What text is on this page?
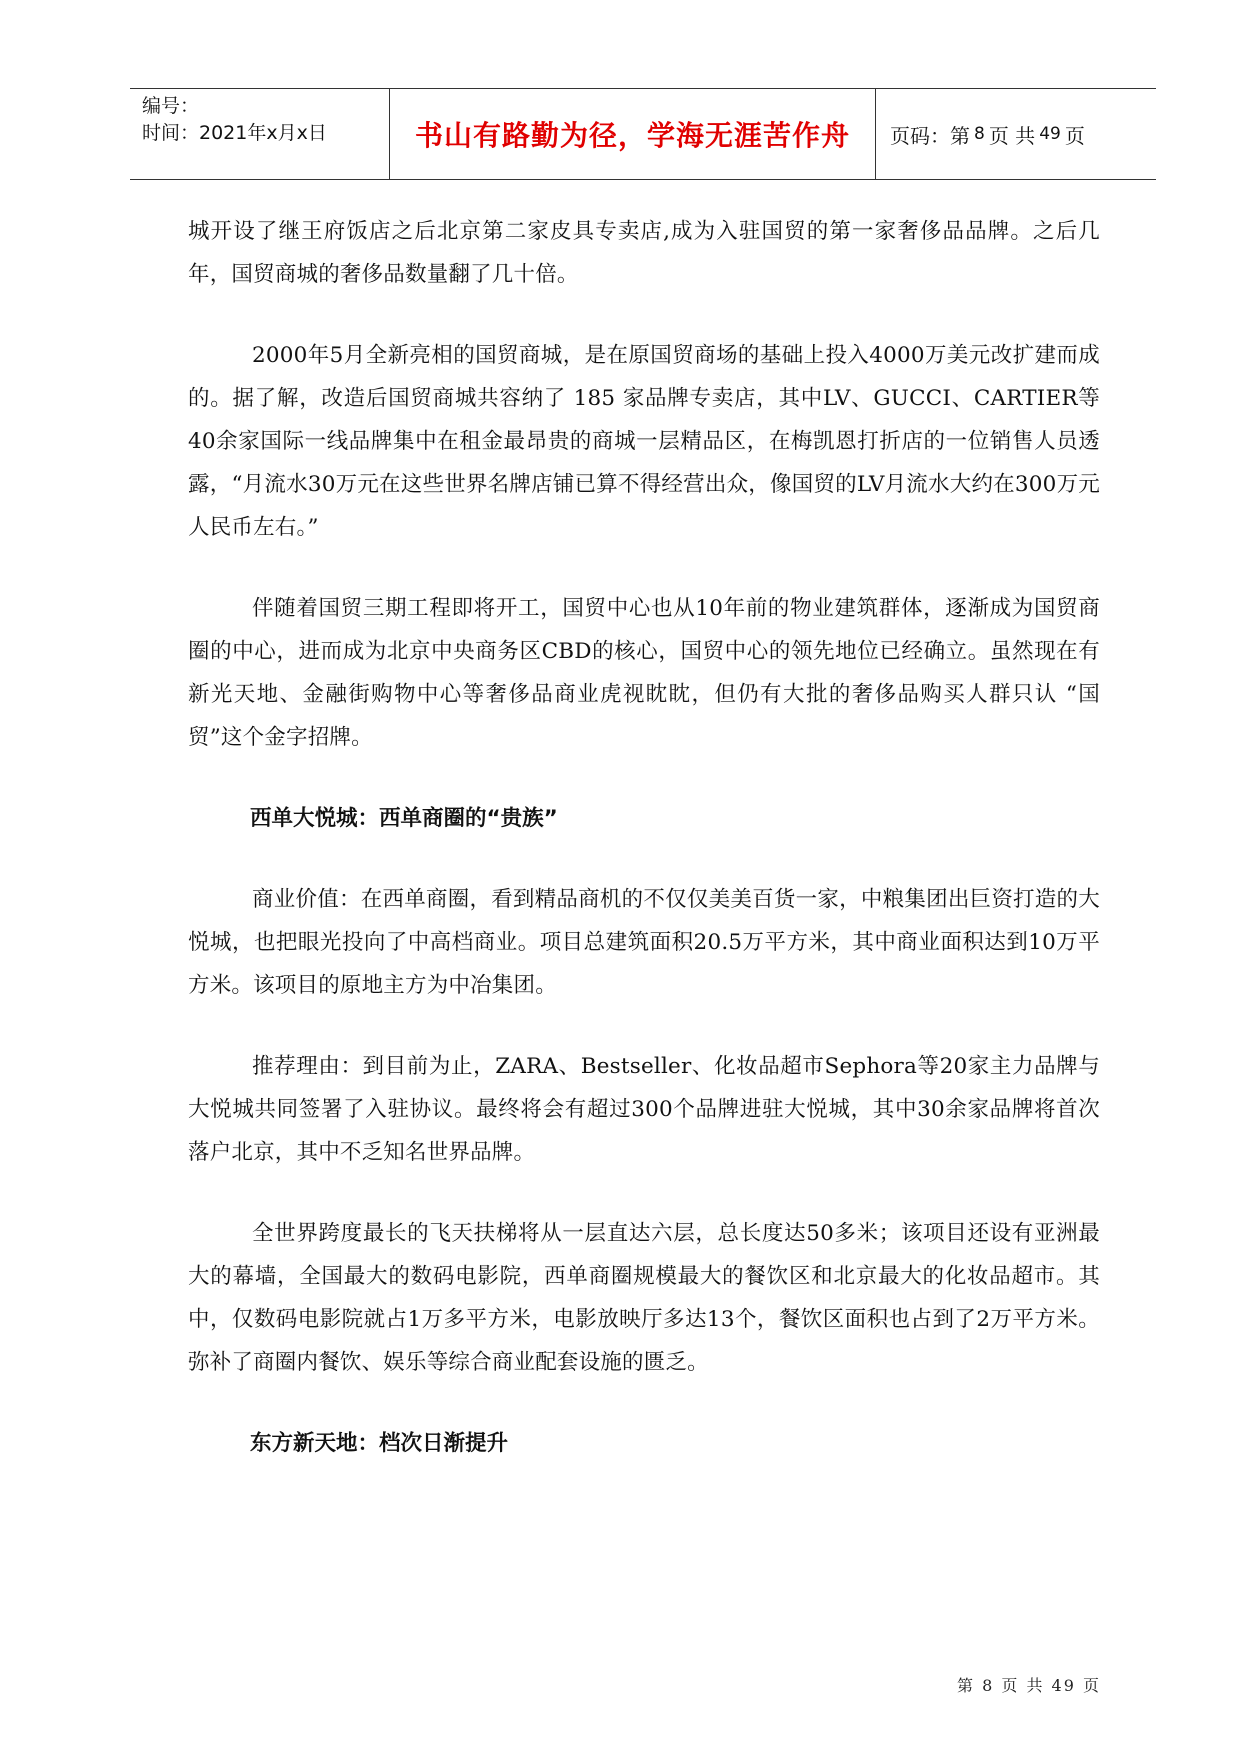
编号：
时间：2021年x月x日	书山有路勤为径，学海无涯苦作舟	页码：第 8 页 共 49 页

城开设了继王府饭店之后北京第二家皮具专卖店,成为入驻国贸的第一家奢侈品品牌。之后几年，国贸商城的奢侈品数量翻了几十倍。

2000年5月全新亮相的国贸商城，是在原国贸商场的基础上投入4000万美元改扩建而成的。据了解，改造后国贸商城共容纳了 185 家品牌专卖店，其中LV、GUCCI、CARTIER等40余家国际一线品牌集中在租金最昂贵的商城一层精品区，在梅凯恩打折店的一位销售人员透露，“月流水30万元在这些世界名牌店铺已算不得经营出众，像国贸的LV月流水大约在300万元人民币左右。”

伴随着国贸三期工程即将开工，国贸中心也从10年前的物业建筑群体，逐渐成为国贸商圈的中心，进而成为北京中央商务区CBD的核心，国贸中心的领先地位已经确立。虽然现在有新光天地、金融街购物中心等奢侈品商业虎视眈眈，但仍有大批的奢侈品购买人群只认 “国贸”这个金字招牌。

西单大悦城：西单商圈的“贵族”

商业价值：在西单商圈，看到精品商机的不仅仅美美百货一家，中粮集团出巨资打造的大悦城，也把眼光投向了中高档商业。项目总建筑面积20.5万平方米，其中商业面积达到10万平方米。该项目的原地主方为中冶集团。

推荐理由：到目前为止，ZARA、Bestseller、化妆品超市Sephora等20家主力品牌与大悦城共同签署了入驻协议。最终将会有超过300个品牌进驻大悦城，其中30余家品牌将首次落户北京，其中不乏知名世界品牌。

全世界跨度最长的飞天扶梯将从一层直达六层，总长度达50多米；该项目还设有亚洲最大的幕墙，全国最大的数码电影院，西单商圈规模最大的餐饮区和北京最大的化妆品超市。其中，仅数码电影院就占1万多平方米，电影放映厅多达13个，餐饮区面积也占到了2万平方米。弥补了商圈内餐饮、娱乐等综合商业配套设施的匮乏。

东方新天地：档次日渐提升

第 8 页 共 49 页
